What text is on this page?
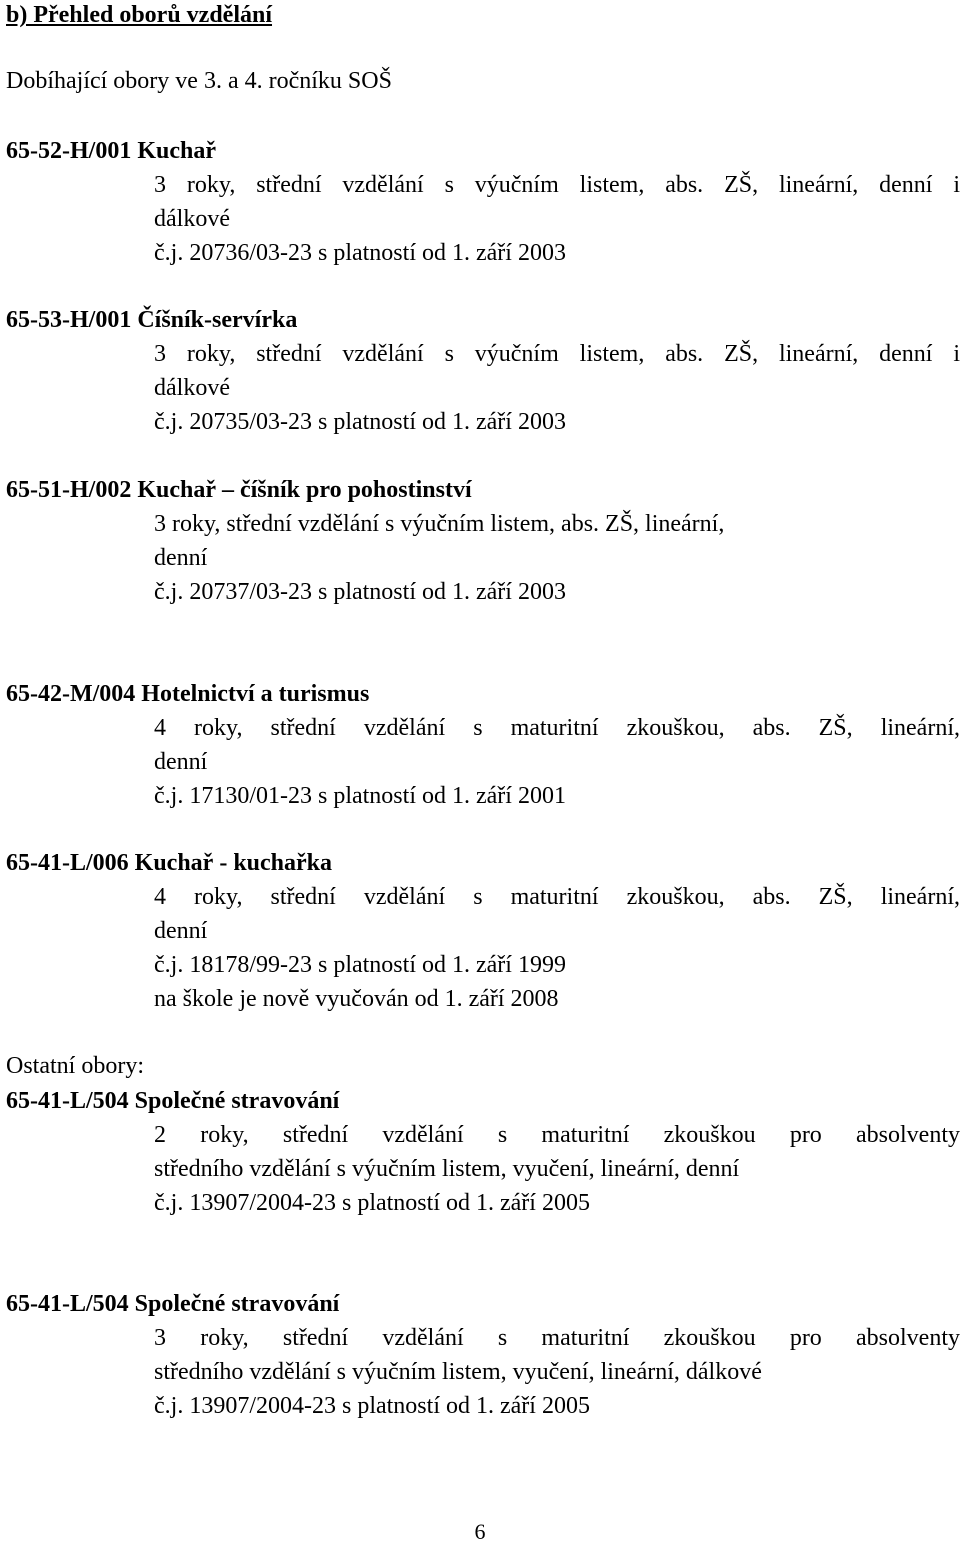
b) Přehled oborů vzdělání
Dobíhající obory ve 3. a 4. ročníku SOŠ
65-52-H/001 Kuchař
3 roky, střední vzdělání s výučním listem, abs. ZŠ, lineární, denní i
dálkové
č.j. 20736/03-23 s platností od 1. září 2003
65-53-H/001 Číšník-servírka
3 roky, střední vzdělání s výučním listem, abs. ZŠ, lineární, denní i
dálkové
č.j. 20735/03-23 s platností od 1. září 2003
65-51-H/002 Kuchař – číšník pro pohostinství
3 roky, střední vzdělání s výučním listem, abs. ZŠ, lineární,
denní
č.j. 20737/03-23 s platností od 1. září 2003
65-42-M/004 Hotelnictví a turismus
4 roky, střední vzdělání s maturitní zkouškou, abs. ZŠ, lineární,
denní
č.j. 17130/01-23 s platností od 1. září 2001
65-41-L/006 Kuchař - kuchařka
4 roky, střední vzdělání s maturitní zkouškou, abs. ZŠ, lineární,
denní
č.j. 18178/99-23 s platností od 1. září 1999
na škole je nově vyučován od 1. září 2008
Ostatní obory:
65-41-L/504 Společné stravování
2 roky, střední vzdělání s maturitní zkouškou pro absolventy
středního vzdělání s výučním listem, vyučení, lineární, denní
č.j. 13907/2004-23 s platností od 1. září 2005
65-41-L/504 Společné stravování
3 roky, střední vzdělání s maturitní zkouškou pro absolventy
středního vzdělání s výučním listem, vyučení, lineární, dálkové
č.j. 13907/2004-23 s platností od 1. září 2005
6
